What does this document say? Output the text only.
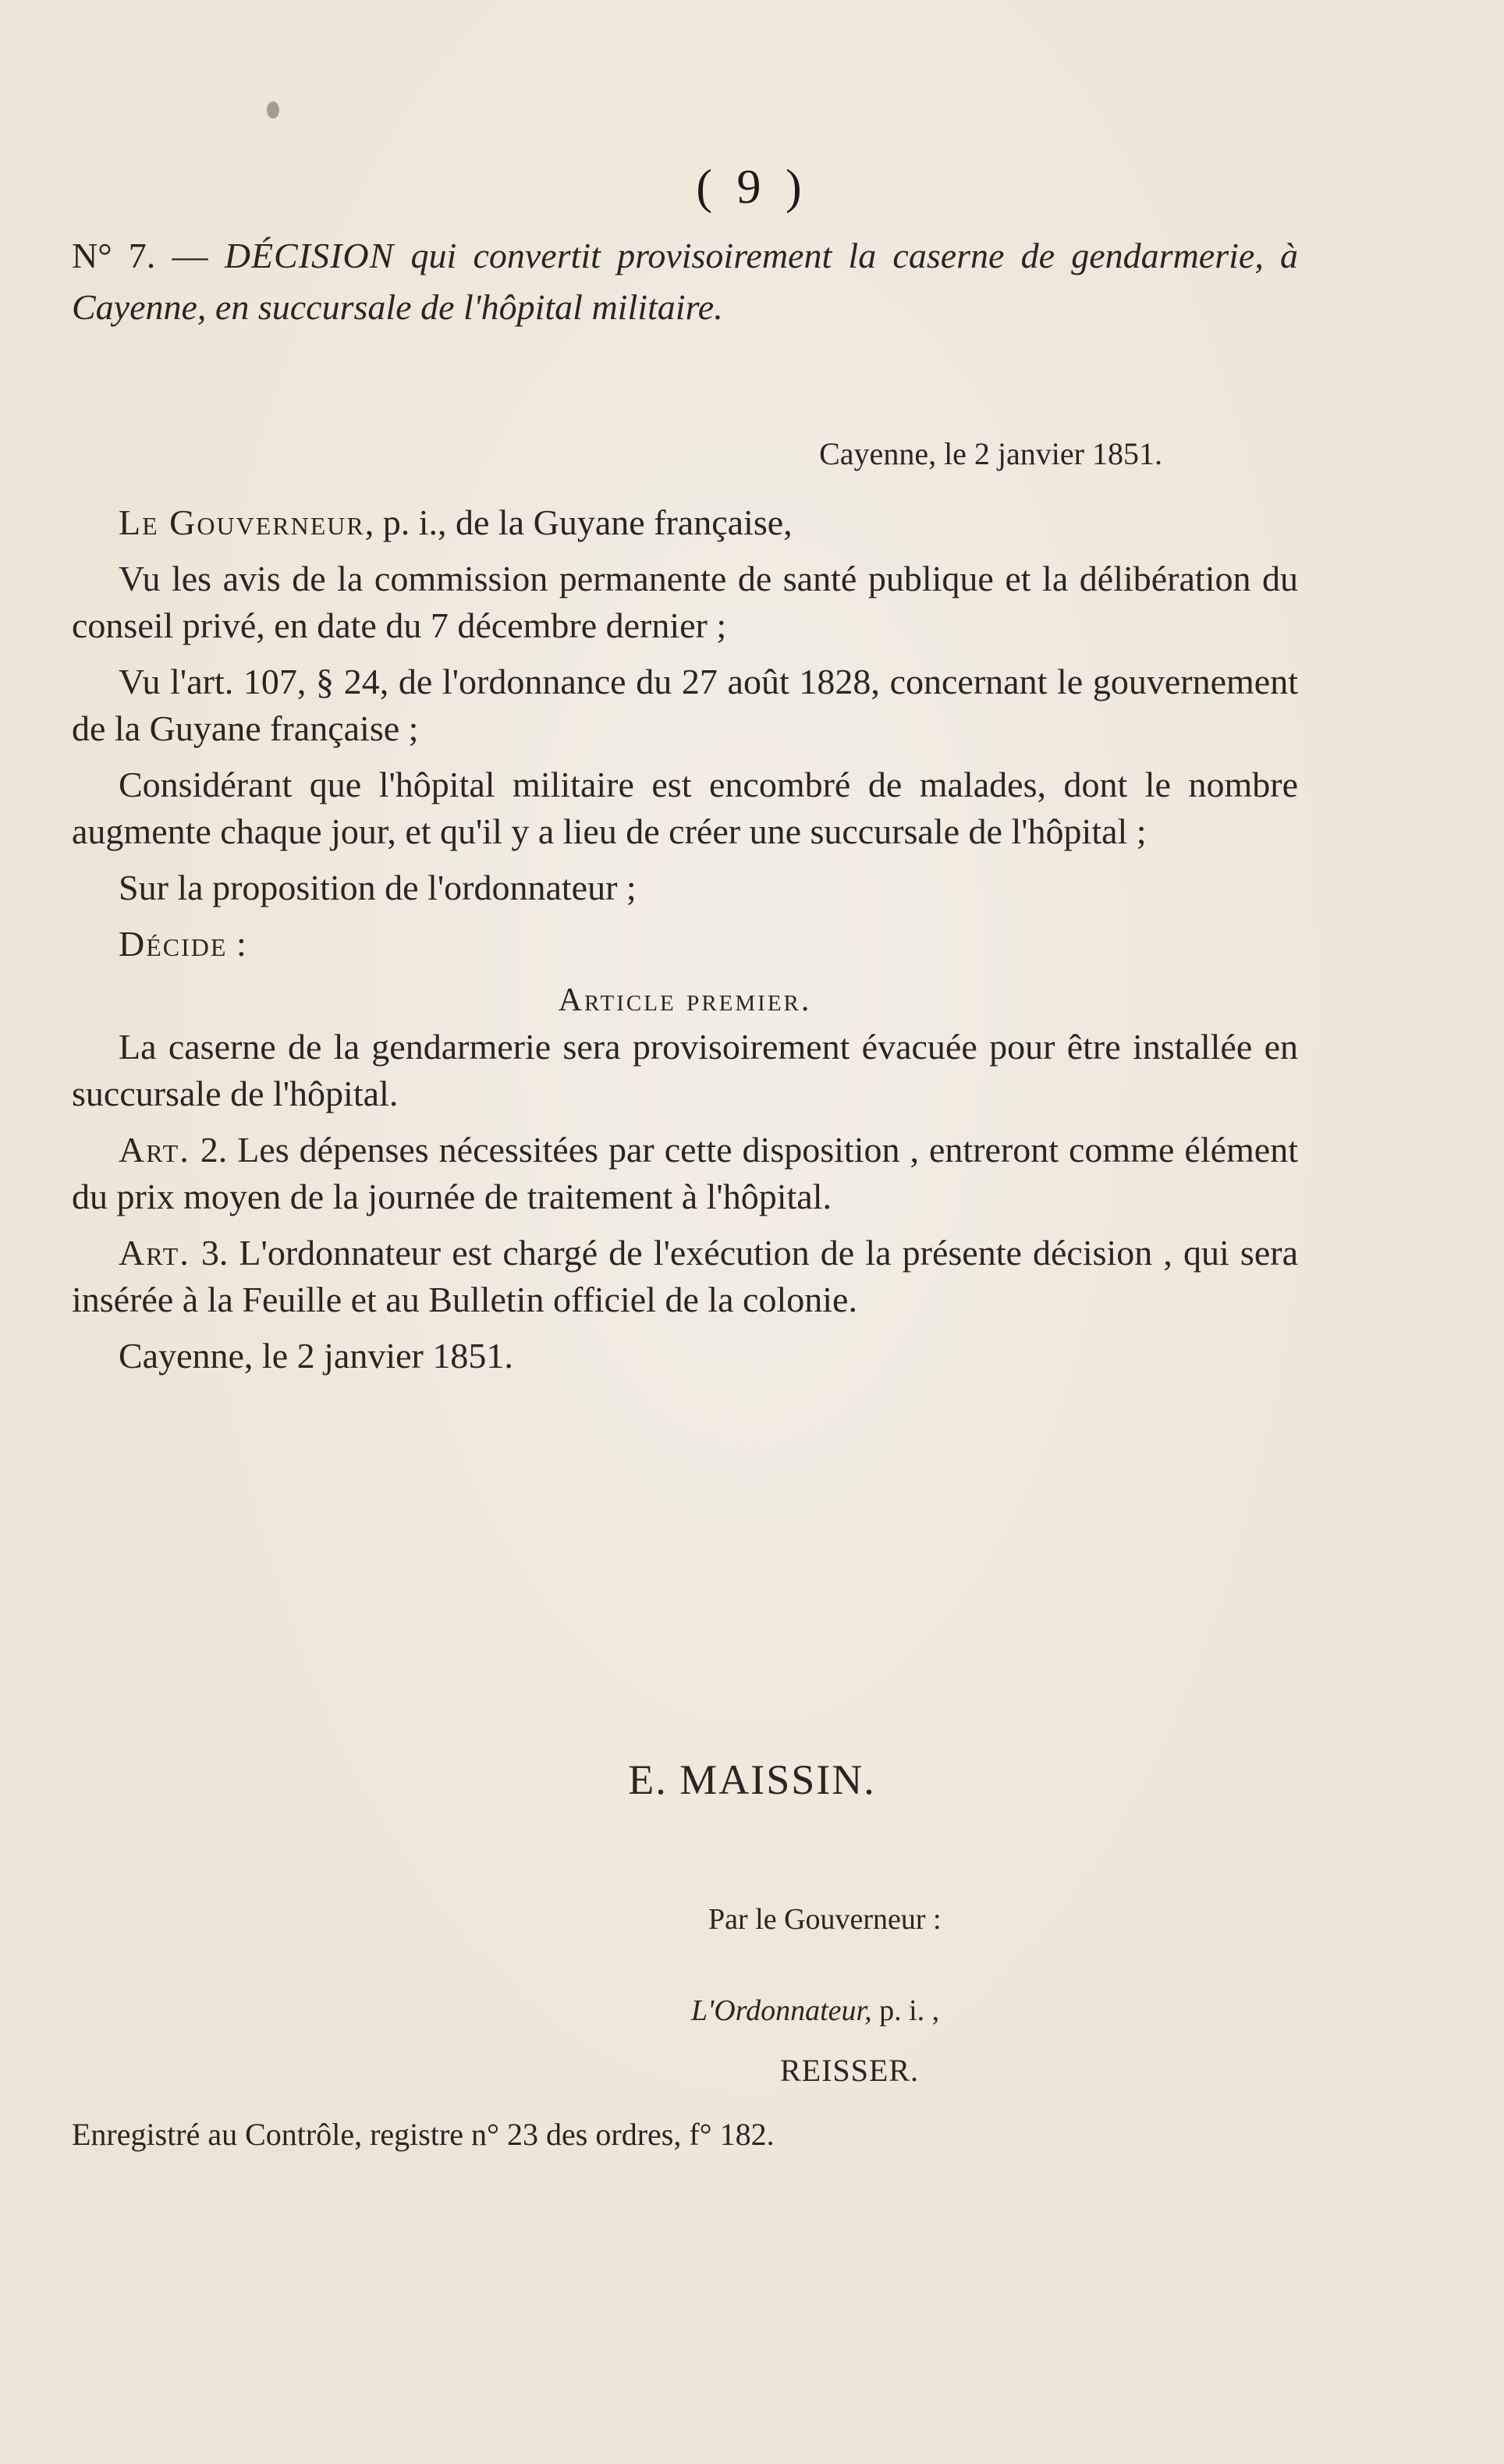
( 9 )
N° 7. — DÉCISION qui convertit provisoirement la caserne de gendarmerie, à Cayenne, en succursale de l'hôpital militaire.
Cayenne, le 2 janvier 1851.

Le Gouverneur, p. i., de la Guyane française,

Vu les avis de la commission permanente de santé publique et la délibération du conseil privé, en date du 7 décembre dernier ;

Vu l'art. 107, § 24, de l'ordonnance du 27 août 1828, concernant le gouvernement de la Guyane française ;

Considérant que l'hôpital militaire est encombré de malades, dont le nombre augmente chaque jour, et qu'il y a lieu de créer une succursale de l'hôpital ;

Sur la proposition de l'ordonnateur ;

Décide :

Article premier.

La caserne de la gendarmerie sera provisoirement évacuée pour être installée en succursale de l'hôpital.

Art. 2. Les dépenses nécessitées par cette disposition , entreront comme élément du prix moyen de la journée de traitement à l'hôpital.

Art. 3. L'ordonnateur est chargé de l'exécution de la présente décision , qui sera insérée à la Feuille et au Bulletin officiel de la colonie.

Cayenne, le 2 janvier 1851.

E. MAISSIN.
Par le Gouverneur :
L'Ordonnateur, p. i. ,
REISSER.
Enregistré au Contrôle, registre n° 23 des ordres, f° 182.
